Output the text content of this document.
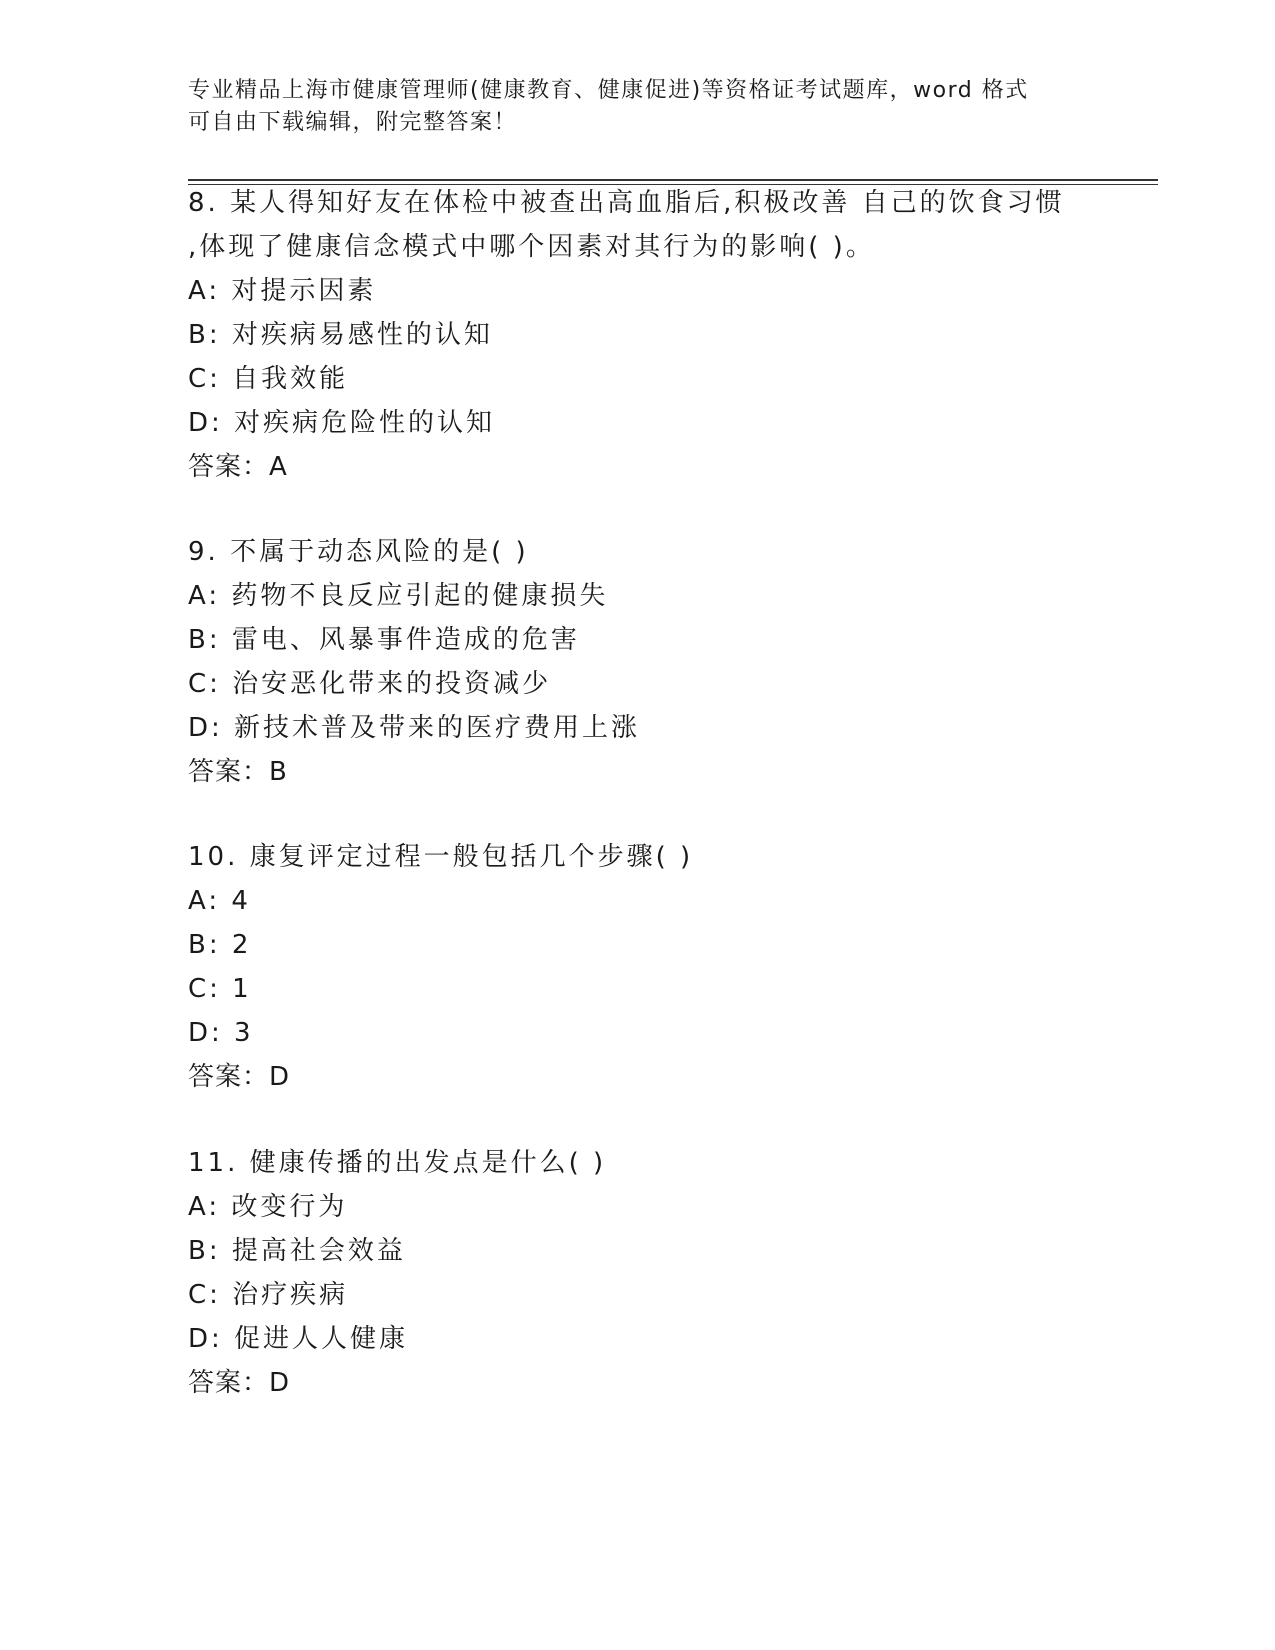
专业精品上海市健康管理师(健康教育、健康促进)等资格证考试题库，word 格式
可自由下载编辑，附完整答案！
8. 某人得知好友在体检中被查出高血脂后,积极改善 自己的饮食习惯
,体现了健康信念模式中哪个因素对其行为的影响( )。
A: 对提示因素
B: 对疾病易感性的认知
C: 自我效能
D: 对疾病危险性的认知
答案：A
9. 不属于动态风险的是( )
A: 药物不良反应引起的健康损失
B: 雷电、风暴事件造成的危害
C: 治安恶化带来的投资减少
D: 新技术普及带来的医疗费用上涨
答案：B
10. 康复评定过程一般包括几个步骤( )
A: 4
B: 2
C: 1
D: 3
答案：D
11. 健康传播的出发点是什么( )
A: 改变行为
B: 提高社会效益
C: 治疗疾病
D: 促进人人健康
答案：D
